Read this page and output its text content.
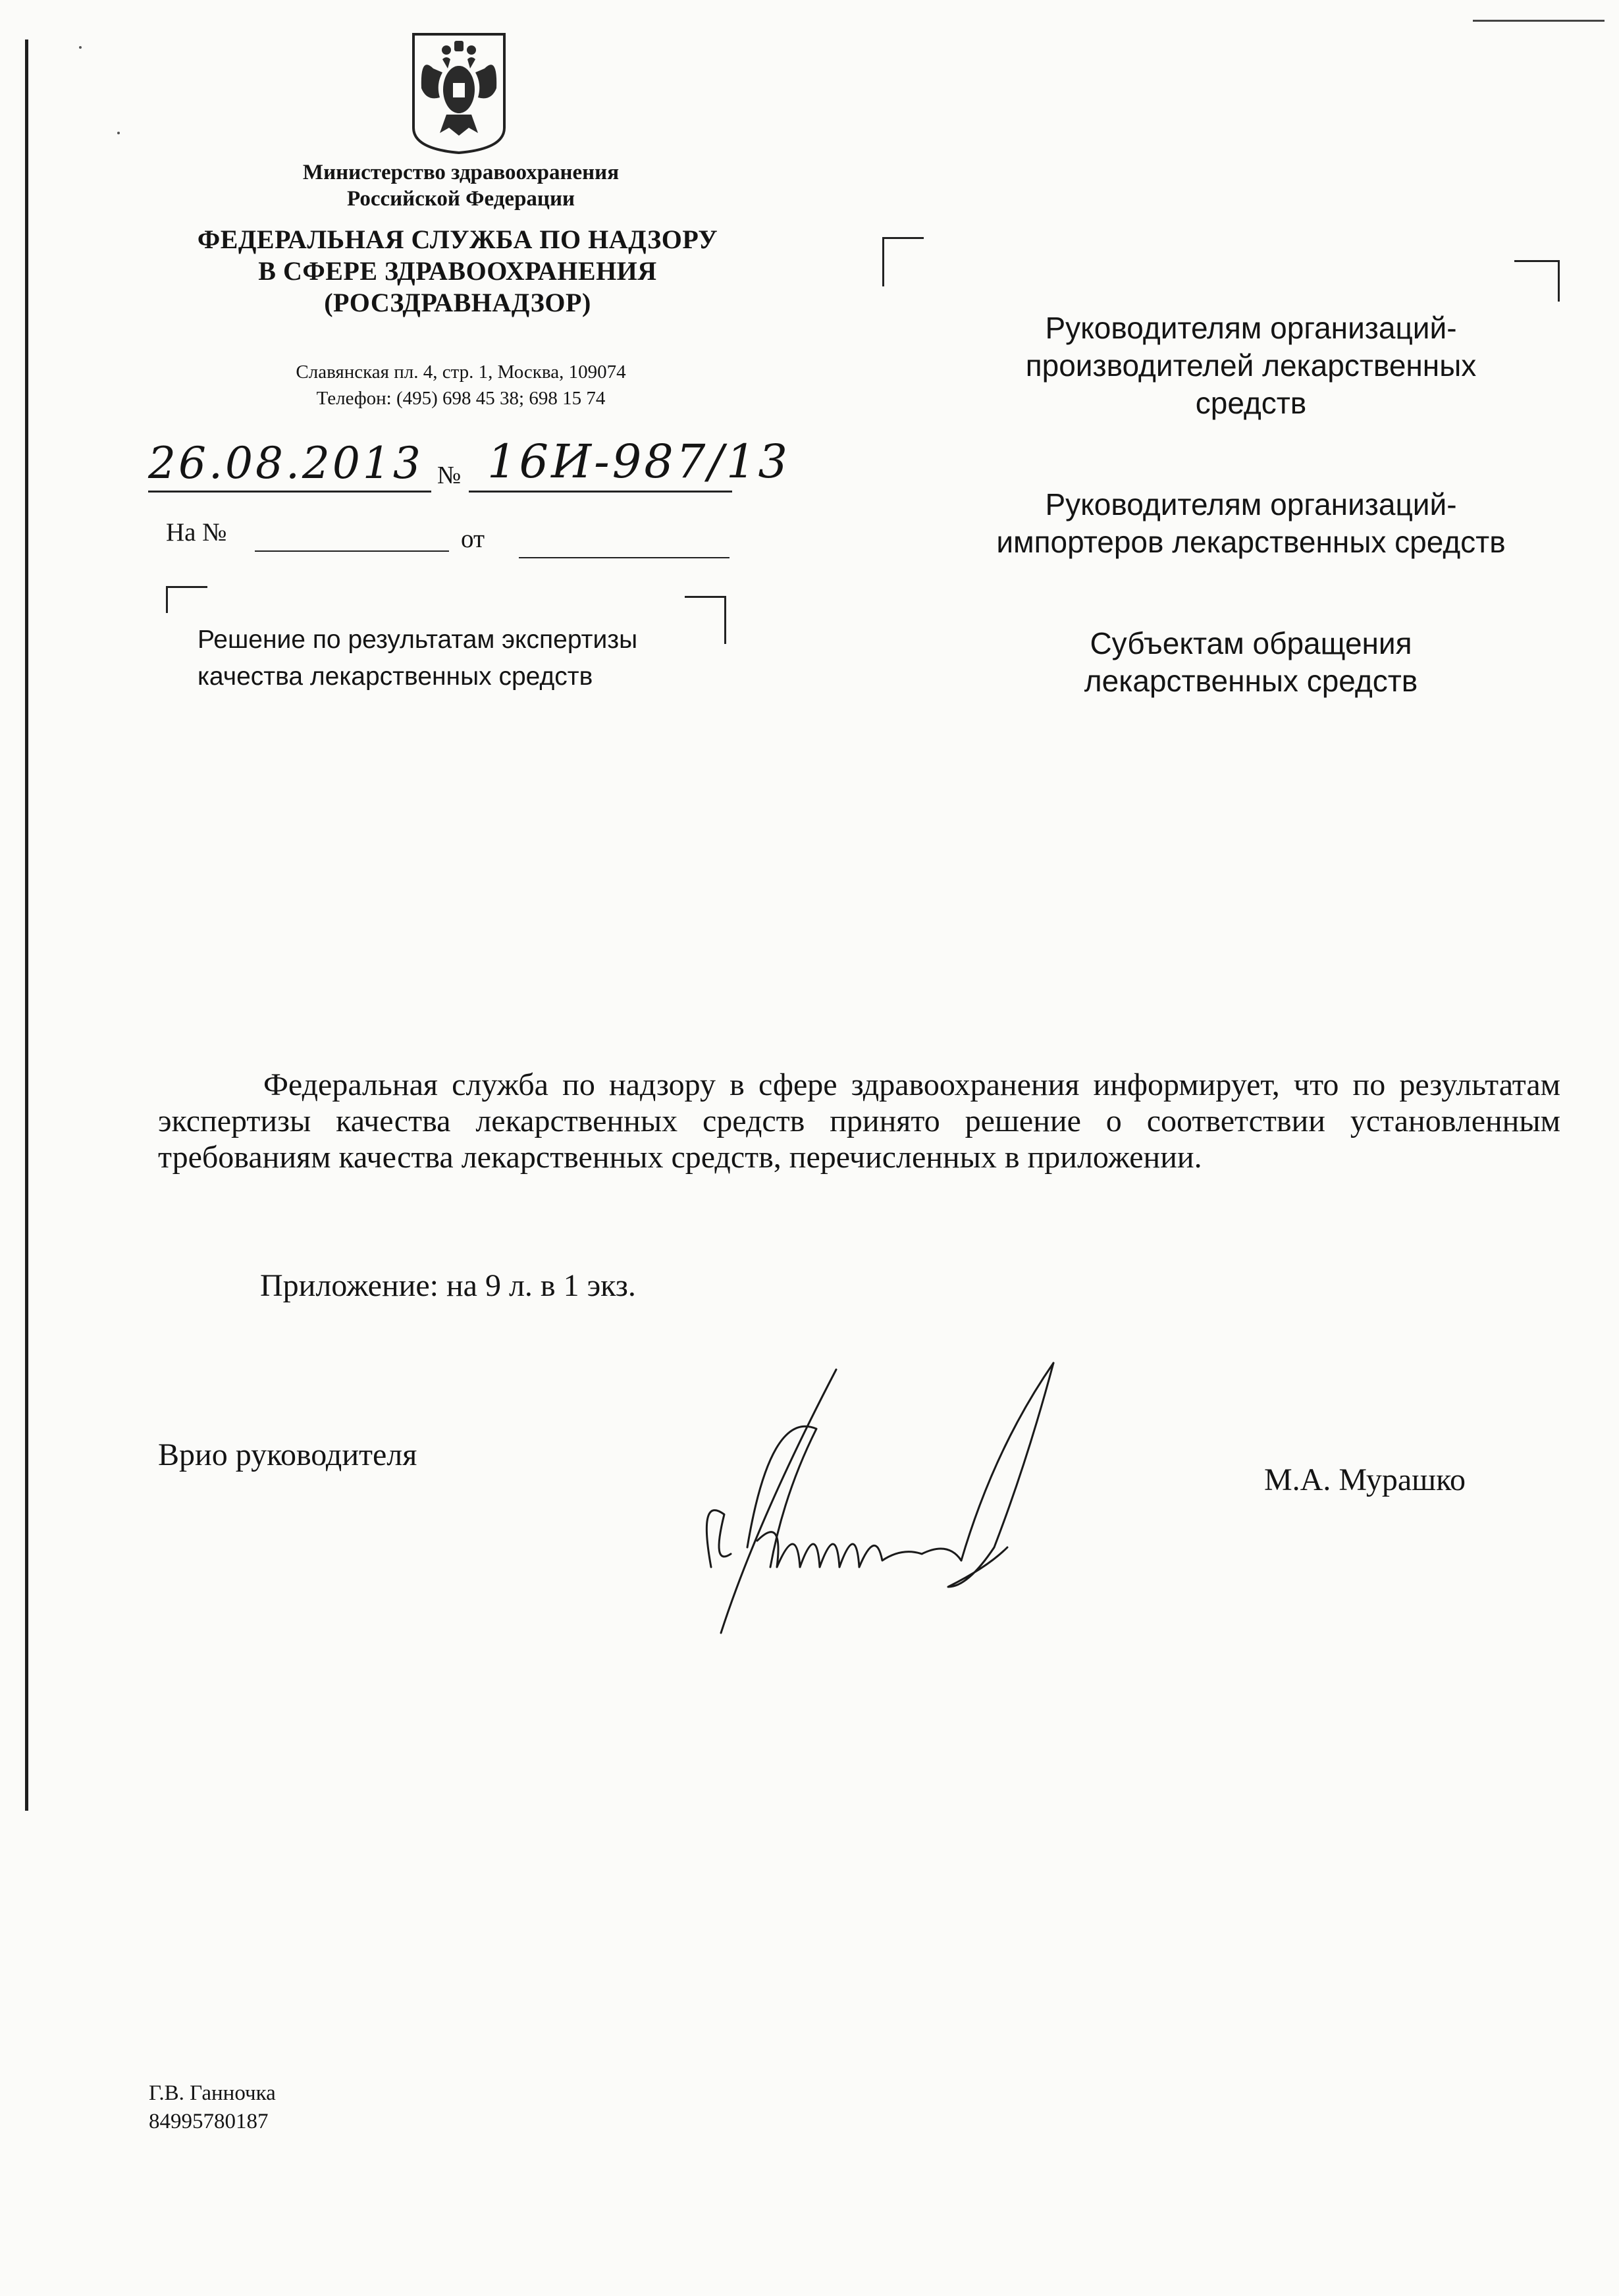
Министерство здравоохранения
Российской Федерации
ФЕДЕРАЛЬНАЯ СЛУЖБА ПО НАДЗОРУ
В СФЕРЕ ЗДРАВООХРАНЕНИЯ
(РОСЗДРАВНАДЗОР)
Славянская пл. 4, стр. 1, Москва, 109074
Телефон: (495) 698 45 38; 698 15 74
26.08.2013 № 16И-987/13
На №	от
Решение по результатам экспертизы
качества лекарственных средств

Руководителям организаций-
производителей лекарственных
средств

Руководителям организаций-
импортеров лекарственных средств

Субъектам обращения
лекарственных средств

Федеральная служба по надзору в сфере здравоохранения информирует, что по результатам экспертизы качества лекарственных средств принято решение о соответствии установленным требованиям качества лекарственных средств, перечисленных в приложении.

Приложение: на 9 л. в 1 экз.
Врио руководителя
М.А. Мурашко
Г.В. Ганночка
84995780187
